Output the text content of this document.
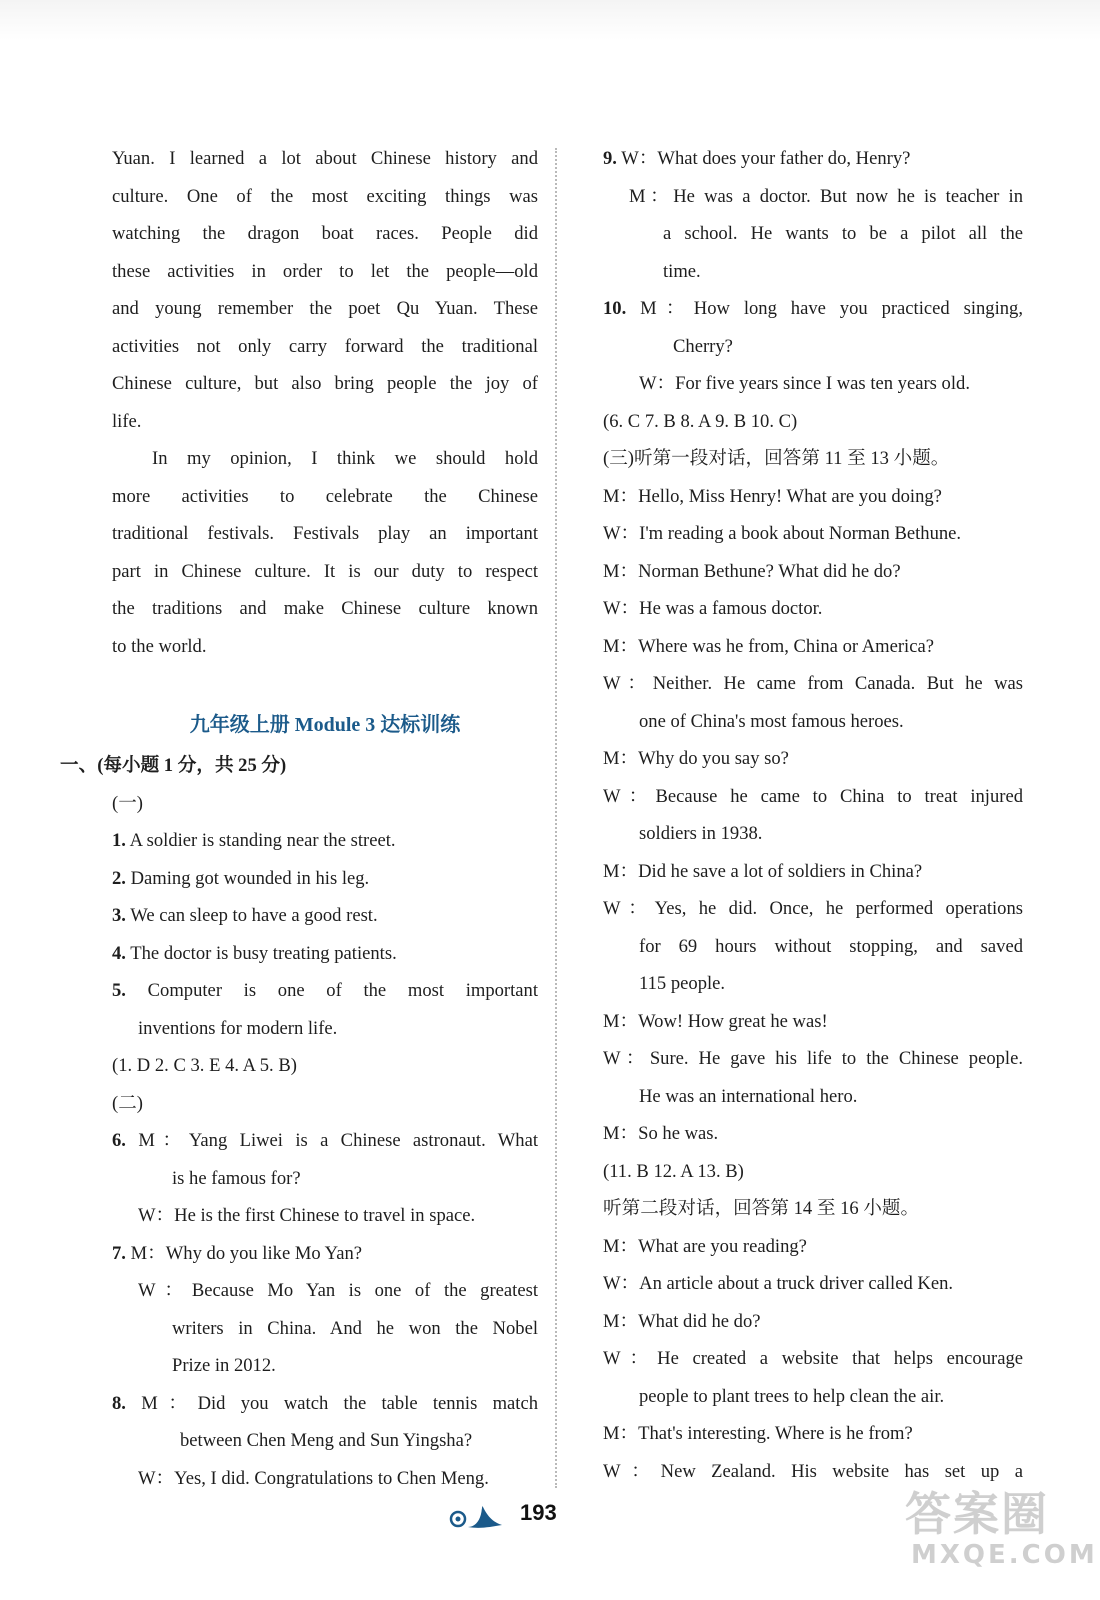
Yuan. I learned a lot about Chinese history and
culture. One of the most exciting things was
watching the dragon boat races. People did
these activities in order to let the people—old
and young remember the poet Qu Yuan. These
activities not only carry forward the traditional
Chinese culture, but also bring people the joy of
life.
In my opinion, I think we should hold
more activities to celebrate the Chinese
traditional festivals. Festivals play an important
part in Chinese culture. It is our duty to respect
the traditions and make Chinese culture known
to the world.
九年级上册 Module 3 达标训练
一、(每小题 1 分，共 25 分)
(一)
1. A soldier is standing near the street.
2. Daming got wounded in his leg.
3. We can sleep to have a good rest.
4. The doctor is busy treating patients.
5. Computer is one of the most important
inventions for modern life.
(1. D 2. C 3. E 4. A 5. B)
(二)
6. M：Yang Liwei is a Chinese astronaut. What
is he famous for?
W：He is the first Chinese to travel in space.
7. M：Why do you like Mo Yan?
W：Because Mo Yan is one of the greatest
writers in China. And he won the Nobel
Prize in 2012.
8. M：Did you watch the table tennis match
between Chen Meng and Sun Yingsha?
W：Yes, I did. Congratulations to Chen Meng.
9. W：What does your father do, Henry?
M：He was a doctor. But now he is teacher in
a school. He wants to be a pilot all the
time.
10. M：How long have you practiced singing,
Cherry?
W：For five years since I was ten years old.
(6. C 7. B 8. A 9. B 10. C)
(三)听第一段对话，回答第 11 至 13 小题。
M：Hello, Miss Henry! What are you doing?
W：I'm reading a book about Norman Bethune.
M：Norman Bethune? What did he do?
W：He was a famous doctor.
M：Where was he from, China or America?
W：Neither. He came from Canada. But he was
one of China's most famous heroes.
M：Why do you say so?
W：Because he came to China to treat injured
soldiers in 1938.
M：Did he save a lot of soldiers in China?
W：Yes, he did. Once, he performed operations
for 69 hours without stopping, and saved
115 people.
M：Wow! How great he was!
W：Sure. He gave his life to the Chinese people.
He was an international hero.
M：So he was.
(11. B 12. A 13. B)
听第二段对话，回答第 14 至 16 小题。
M：What are you reading?
W：An article about a truck driver called Ken.
M：What did he do?
W：He created a website that helps encourage
people to plant trees to help clean the air.
M：That's interesting. Where is he from?
W：New Zealand. His website has set up a
193	答案圈
MXQE.COM
